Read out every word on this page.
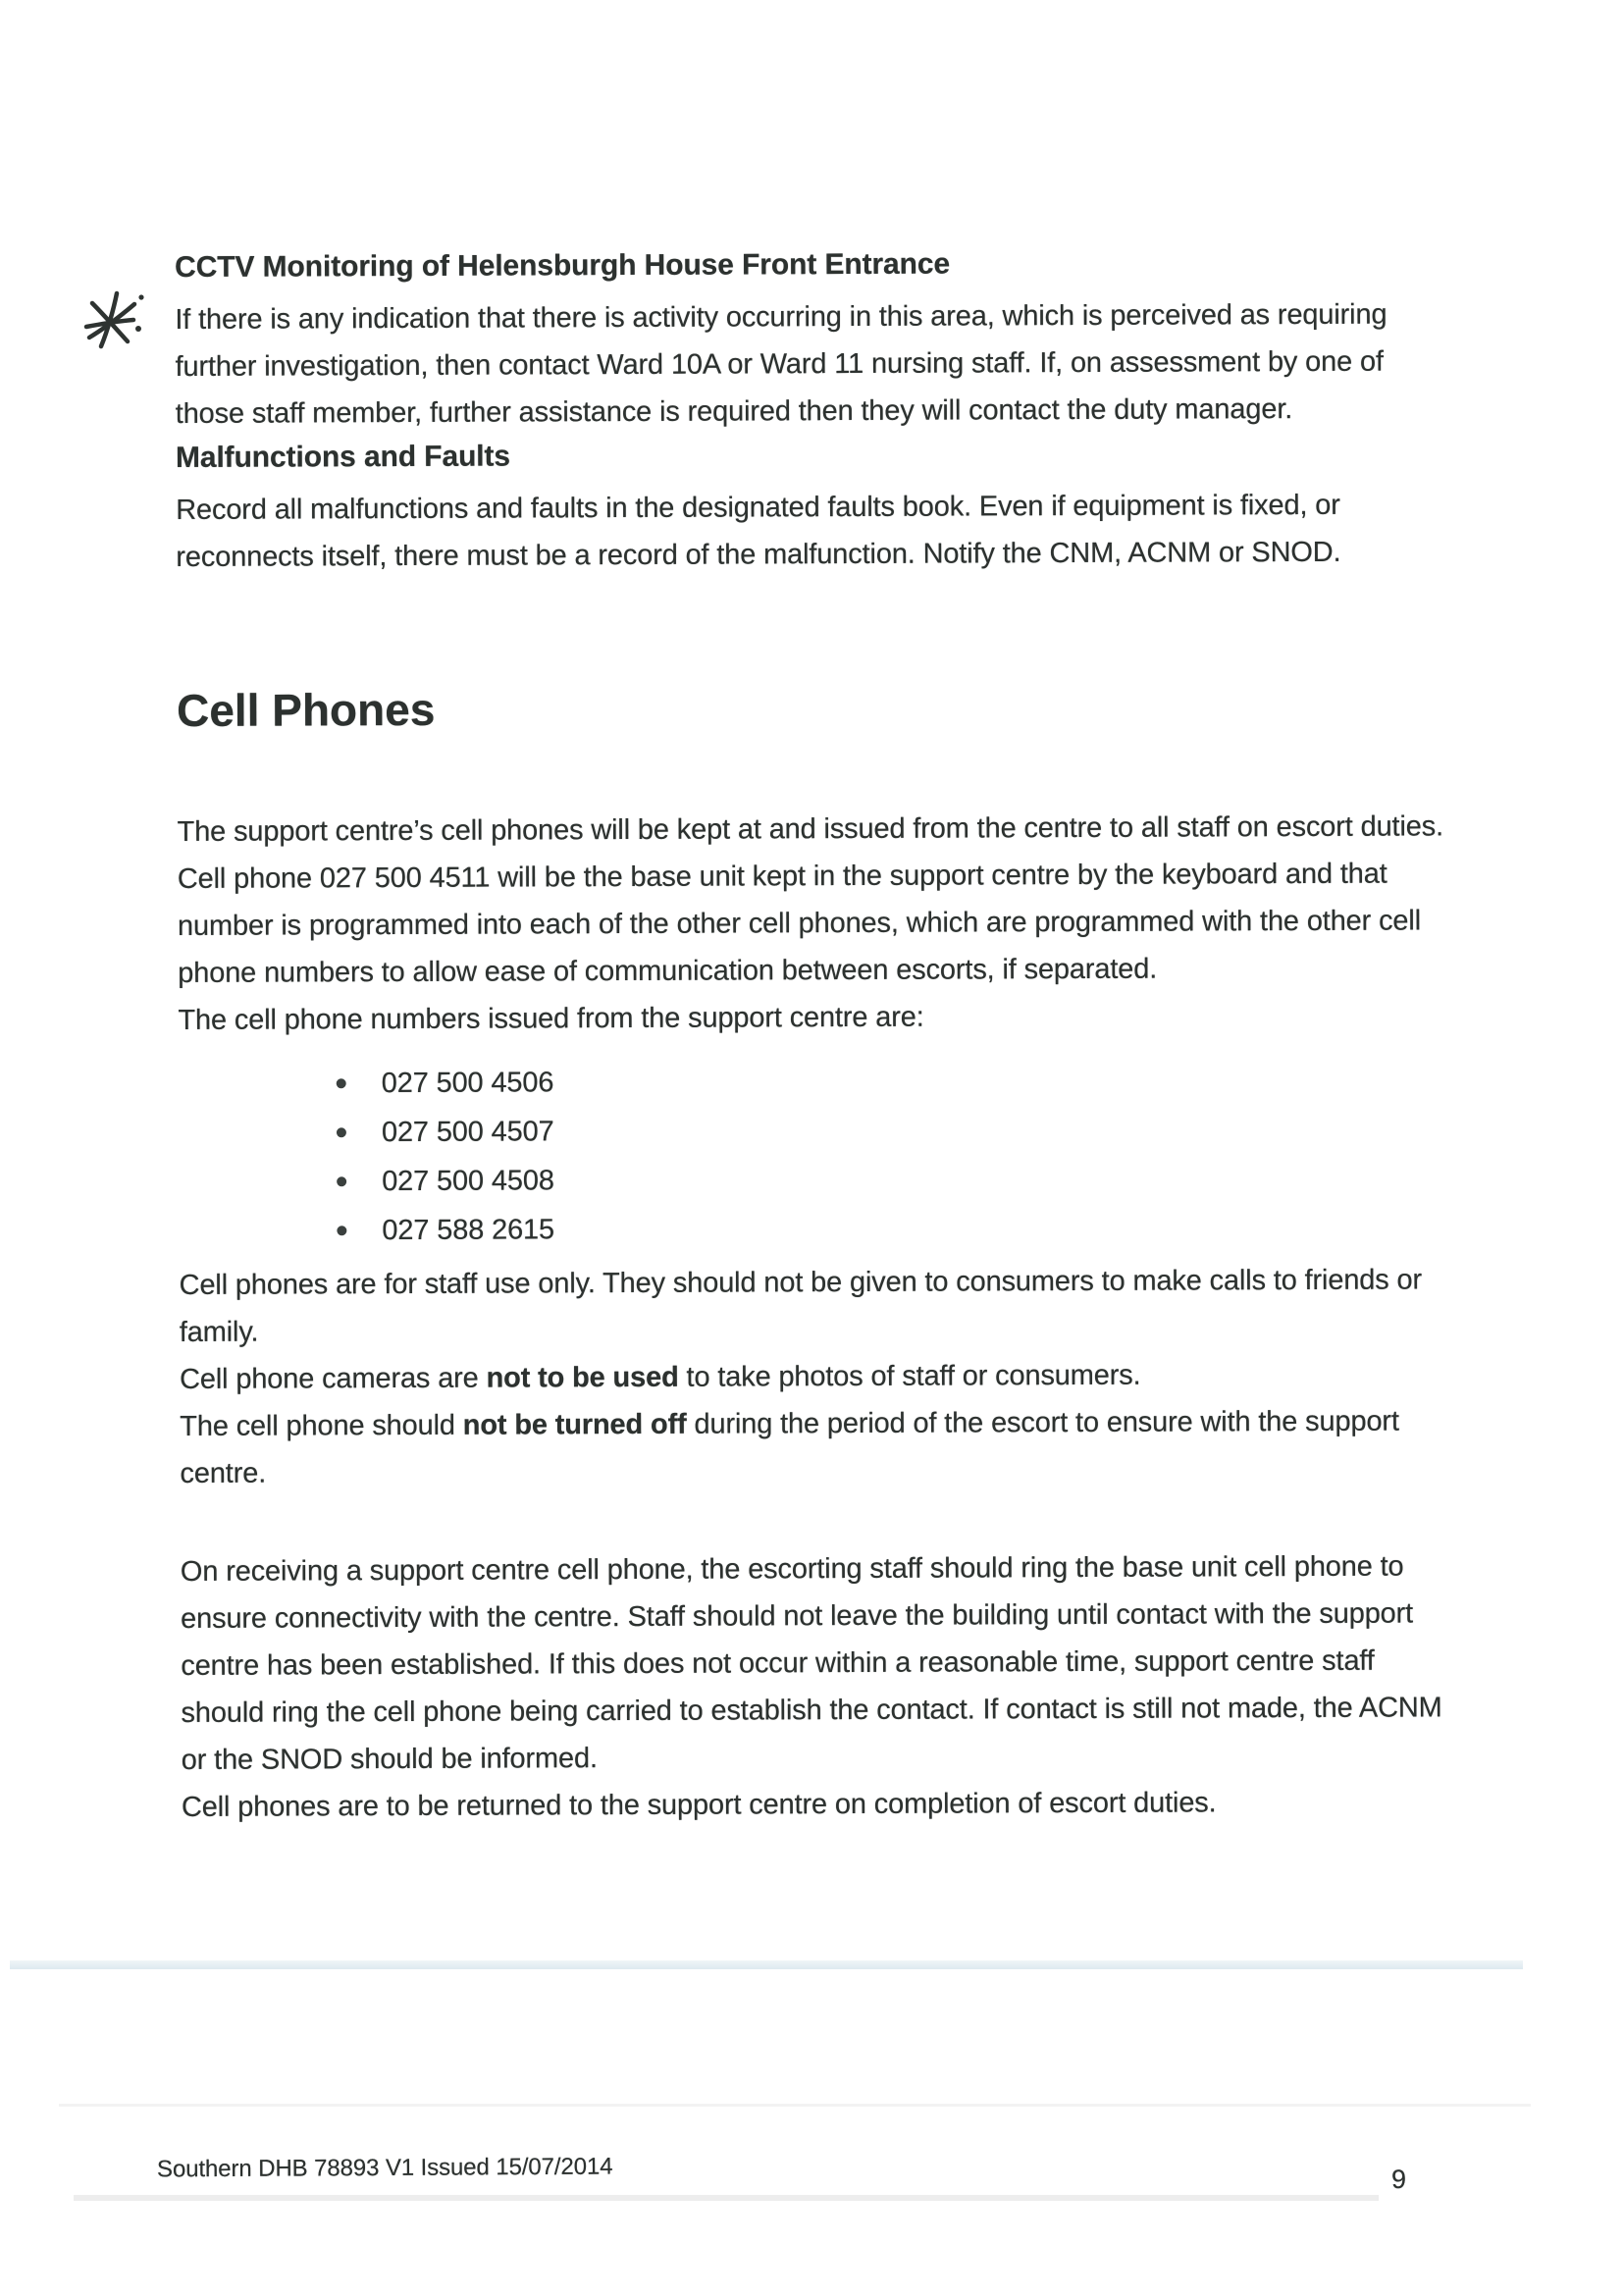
CCTV Monitoring of Helensburgh House Front Entrance

If there is any indication that there is activity occurring in this area, which is perceived as requiring further investigation, then contact Ward 10A or Ward 11 nursing staff. If, on assessment by one of those staff member, further assistance is required then they will contact the duty manager.

Malfunctions and Faults

Record all malfunctions and faults in the designated faults book. Even if equipment is fixed, or reconnects itself, there must be a record of the malfunction. Notify the CNM, ACNM or SNOD.

Cell Phones

The support centre’s cell phones will be kept at and issued from the centre to all staff on escort duties.

Cell phone 027 500 4511 will be the base unit kept in the support centre by the keyboard and that number is programmed into each of the other cell phones, which are programmed with the other cell phone numbers to allow ease of communication between escorts, if separated.

The cell phone numbers issued from the support centre are:

027 500 4506
027 500 4507
027 500 4508
027 588 2615

Cell phones are for staff use only. They should not be given to consumers to make calls to friends or family.

Cell phone cameras are not to be used to take photos of staff or consumers.

The cell phone should not be turned off during the period of the escort to ensure with the support centre.

On receiving a support centre cell phone, the escorting staff should ring the base unit cell phone to ensure connectivity with the centre. Staff should not leave the building until contact with the support centre has been established. If this does not occur within a reasonable time, support centre staff should ring the cell phone being carried to establish the contact. If contact is still not made, the ACNM or the SNOD should be informed.

Cell phones are to be returned to the support centre on completion of escort duties.

Southern DHB 78893 V1 Issued 15/07/2014	9
